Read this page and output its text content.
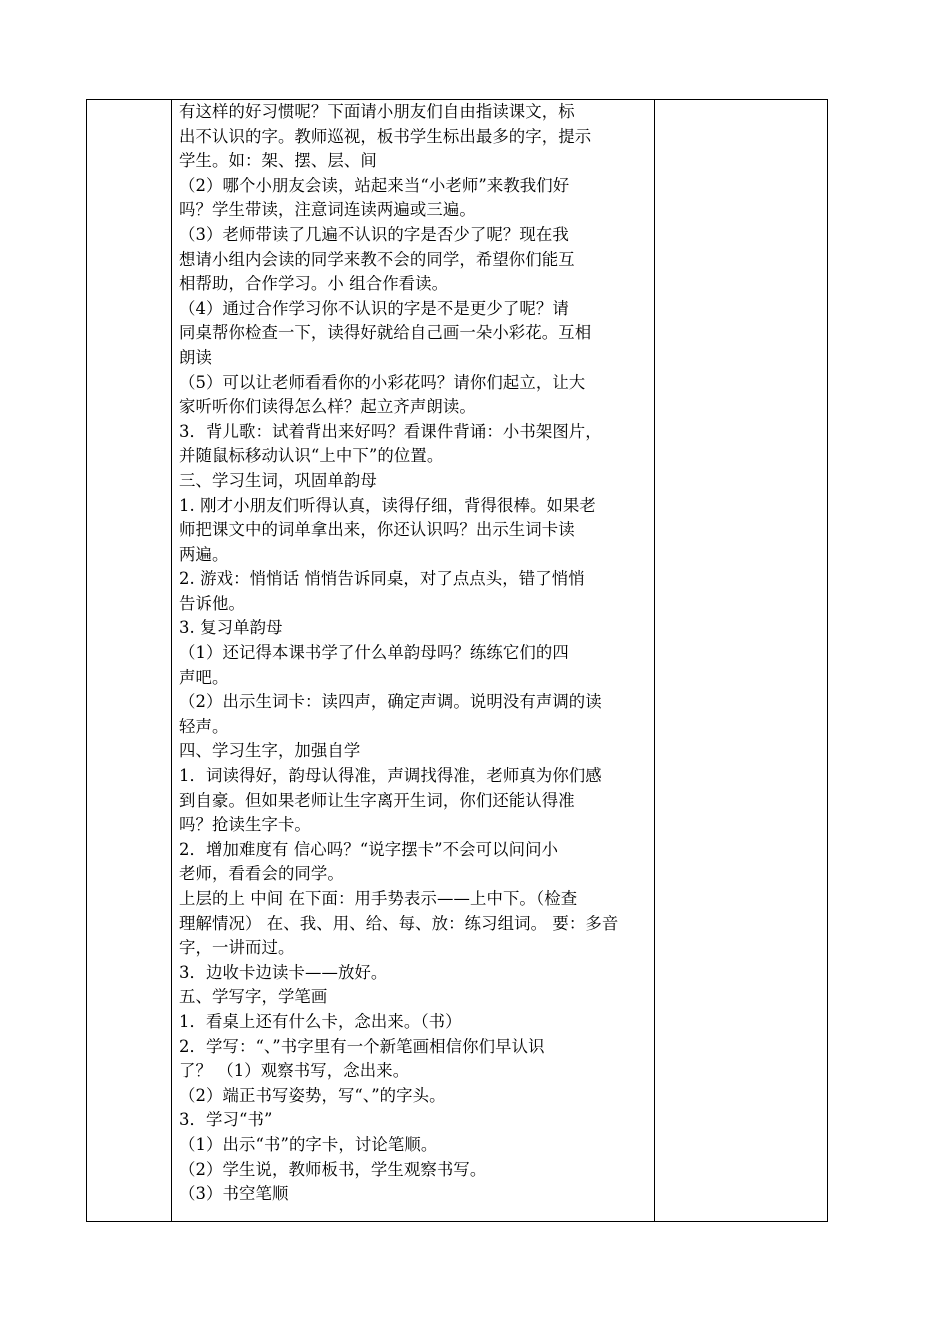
有这样的好习惯呢？下面请小朋友们自由指读课文，标
出不认识的字。教师巡视，板书学生标出最多的字，提示
学生。如：架、摆、层、间
（2）哪个小朋友会读，站起来当“小老师”来教我们好
吗？学生带读，注意词连读两遍或三遍。
（3）老师带读了几遍不认识的字是否少了呢？现在我
想请小组内会读的同学来教不会的同学，希望你们能互
相帮助，合作学习。小 组合作看读。
（4）通过合作学习你不认识的字是不是更少了呢？请
同桌帮你检查一下，读得好就给自己画一朵小彩花。互相
朗读
（5）可以让老师看看你的小彩花吗？请你们起立，让大
家听听你们读得怎么样？起立齐声朗读。
3．背儿歌：试着背出来好吗？看课件背诵：小书架图片，
并随鼠标移动认识“上中下”的位置。
三、学习生词，巩固单韵母
1. 刚才小朋友们听得认真，读得仔细，背得很棒。如果老
师把课文中的词单拿出来，你还认识吗？出示生词卡读
两遍。
2. 游戏：悄悄话 悄悄告诉同桌，对了点点头，错了悄悄
告诉他。
3. 复习单韵母
（1）还记得本课书学了什么单韵母吗？练练它们的四
声吧。
（2）出示生词卡：读四声，确定声调。说明没有声调的读
轻声。
四、学习生字，加强自学
1．词读得好，韵母认得准，声调找得准，老师真为你们感
到自豪。但如果老师让生字离开生词，你们还能认得准
吗？抢读生字卡。
2．增加难度有 信心吗？“说字摆卡”不会可以问问小
老师，看看会的同学。
上层的上 中间 在下面：用手势表示——上中下。（检查
理解情况） 在、我、用、给、每、放：练习组词。 要：多音
字，一讲而过。
3．边收卡边读卡——放好。
五、学写字，学笔画
1．看桌上还有什么卡，念出来。（书）
2．学写：“、”书字里有一个新笔画相信你们早认识
了？ （1）观察书写，念出来。
（2）端正书写姿势，写“、”的字头。
3．学习“书”
（1）出示“书”的字卡，讨论笔顺。
（2）学生说，教师板书，学生观察书写。
（3）书空笔顺
